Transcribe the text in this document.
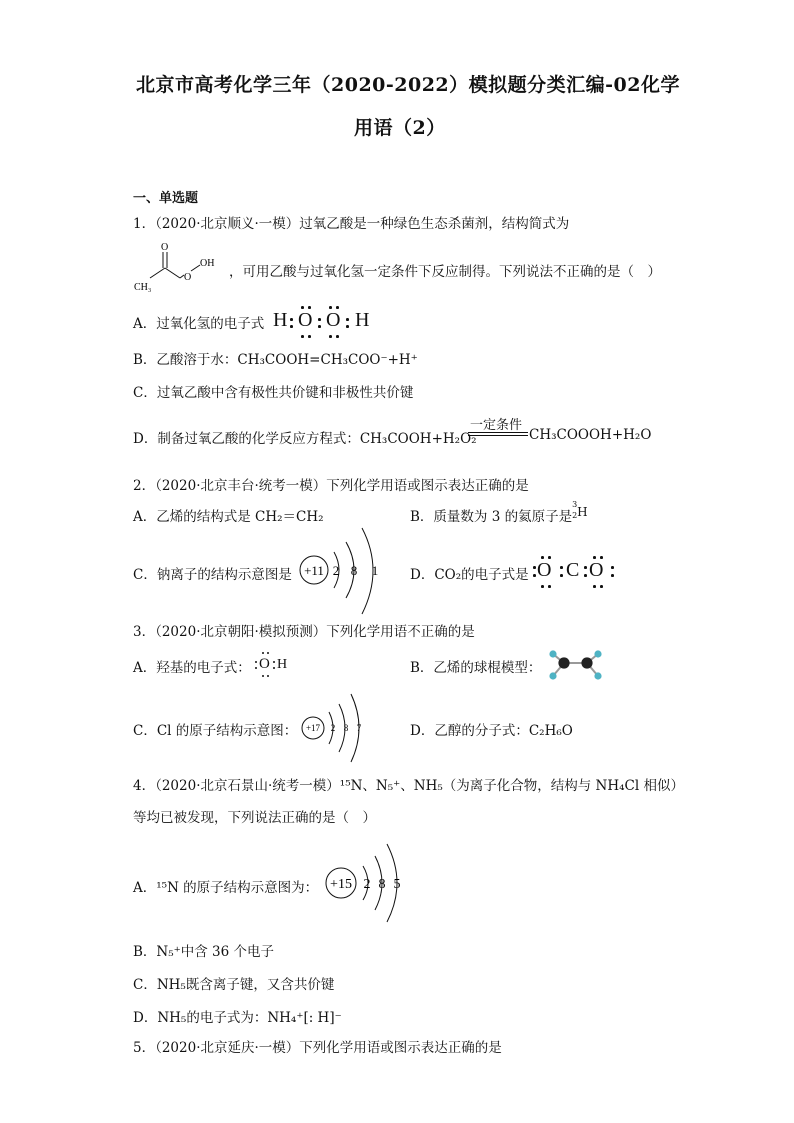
北京市高考化学三年（2020-2022）模拟题分类汇编-02化学
用语（2）
一、单选题
1．（2020·北京顺义·一模）过氧乙酸是一种绿色生态杀菌剂，结构简式为
O
O
OH
CH₃
，可用乙酸与过氧化氢一定条件下反应制得。下列说法不正确的是（　）
A．过氧化氢的电子式 H O O H
B．乙酸溶于水：CH₃COOH=CH₃COO⁻+H⁺
C．过氧乙酸中含有极性共价键和非极性共价键
D．制备过氧乙酸的化学反应方程式：CH₃COOH+H₂O₂
一定条件
CH₃COOOH+H₂O
2．（2020·北京丰台·统考一模）下列化学用语或图示表达正确的是
A．乙烯的结构式是 CH₂＝CH₂	B．质量数为 3 的氦原子是
3
2 H
C．钠离子的结构示意图是 +11 2 8 1 D．CO₂的电子式是 O C O
3．（2020·北京朝阳·模拟预测）下列化学用语不正确的是
A．羟基的电子式： O H	B．乙烯的球棍模型：
C．Cl 的原子结构示意图： +17 2 8 7	D．乙醇的分子式：C₂H₆O
4．（2020·北京石景山·统考一模）¹⁵N、N₅⁺、NH₅（为离子化合物，结构与 NH₄Cl 相似）
等均已被发现，下列说法正确的是（　）
A．¹⁵N 的原子结构示意图为： +15 2 8 5
B．N₅⁺中含 36 个电子
C．NH₅既含离子键，又含共价键
D．NH₅的电子式为：NH₄⁺[: H]⁻
5．（2020·北京延庆·一模）下列化学用语或图示表达正确的是
